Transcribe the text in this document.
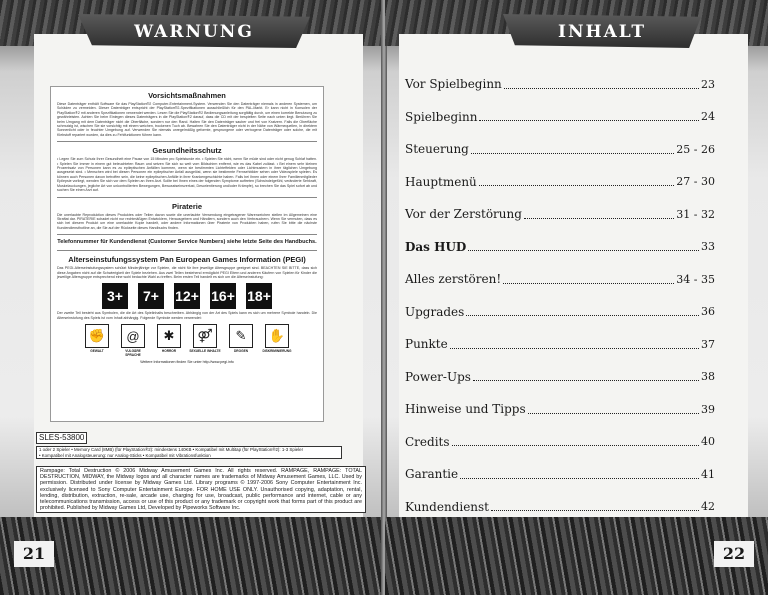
WARNUNG
21
INHALT
22

Vorsichtsmaßnahmen

Diese Datenträger enthält Software für das PlayStation®2 Computer-Entertainment-System. Verwenden Sie den Datenträger niemals in anderen Systemen, um Schäden zu vermeiden. Dieser Datenträger entspricht der PlayStation®2-Spezifikationen ausschließlich für den PAL-Markt. Er kann nicht in Konsolen der PlayStation®2 mit anderen Spezifikationen verwendet werden. Lesen Sie die PlayStation®2 Bedienungsanleitung sorgfältig durch, um einen korrekte Benutzung zu gewährleisten. Achten Sie beim Einlegen dieses Datenträgers in die PlayStation®2 darauf, dass die CD mit der bespielten Seite nach unten liegt. Berühren Sie beim Umgang mit dem Datenträger nicht die Oberfläche, sondern nur den Rand. Halten Sie den Datenträger sauber und frei von Kratzern. Falls die Oberfläche schmutzig ist, wischen Sie sie vorsichtig mit einem weichen, trockenen Tuch ab. Bewahren Sie den Datenträger nicht in der Nähe von Wärmequellen, in direktem Sonnenlicht oder in feuchter Umgebung auf. Verwenden Sie niemals unregelmäßig geformte, gesprungene oder verbogene Datenträger oder solche, die mit Klebstoff repariert wurden, da dies zu Fehlfunktionen führen kann.

Gesundheitsschutz

• Legen Sie zum Schutz Ihrer Gesundheit eine Pause von 15 Minuten pro Spielstunde ein. • Spielen Sie nicht, wenn Sie müde sind oder nicht genug Schlaf hatten. • Spielen Sie immer in einem gut beleuchteten Raum und setzen Sie sich so weit vom Bildschirm entfernt, wie es das Kabel zulässt. • Bei einem sehr kleinen Prozentsatz von Personen kann es zu epileptischen Anfällen kommen, wenn sie bestimmten Lichteffekten oder Lichtmustern in ihrer täglichen Umgebung ausgesetzt sind. • Menschen wird bei diesen Personen ein epileptischer Anfall ausgelöst, wenn sie bestimmte Fernsehbilder sehen oder Videospiele spielen. Es können auch Personen davon betroffen sein, die keine epileptischen Anfälle in ihrer Krankengeschichte haben. Falls bei Ihnen oder einem Ihrer Familienmitglieder Epilepsie vorliegt, wenden Sie sich vor dem Spielen an Ihren Arzt. Sollte bei Ihnen eines der folgenden Symptome auftreten (Schwindelgefühl, veränderte Sehkraft, Muskelzuckungen, jegliche Art von unkontrollierten Bewegungen, Bewusstseinsverlust, Desorientierung und/oder Krämpfe), so brechen Sie das Spiel sofort ab und suchen Sie einen Arzt auf.

Piraterie

Die unerlaubte Reproduktion dieses Produktes oder Teilen davon sowie die unerlaubte Verwendung eingetragener Warenzeichen stellen im Allgemeinen eine Straftat dar. PIRATERIE schadet nicht nur rechtmäßigen Entwicklern, Herausgebern und Händlern, sondern auch den Verbrauchern. Wenn Sie vermuten, dass es sich bei diesem Produkt um eine unerlaubte Kopie handelt, oder andere Informationen über Piraterie von Produkten haben, rufen Sie bitte die nächste Kundendiensthotline an, die Sie auf der Rückseite dieses Handbuchs finden.

Telefonnummer für Kundendienst (Customer Service Numbers) siehe letzte Seite des Handbuchs.

Alterseinstufungssystem Pan European Games Information (PEGI)

Das PEGI-Alterseinstufungssystem schützt Minderjährige vor Spielen, die nicht für ihre jeweilige Altersgruppe geeignet sind. BEACHTEN SIE BITTE, dass sich diese Angaben nicht auf die Schwierigkeit der Spiele beziehen. Aus zwei Teilen bestehend ermöglicht PEGI Eltern und anderen Käufern von Spielen für Kinder die jeweilige Altersgruppe entsprechend eine wohl bedachte Wahl zu treffen. Beim ersten Teil handelt es sich um die Alterseinstufung:

3+	7+	12+ 16+ 18+

Der zweite Teil besteht aus Symbolen, die die Art des Spielinhalts beschreiben. Abhängig von der Art des Spiels kann es sich um mehrere Symbole handeln. Die Alterseinstufung des Spiels ist vom Inhalt abhängig. Folgende Symbole werden verwendet:

✊
GEWALT
@
VULGÄRE SPRACHE
✱
HORROR
⚤
SEXUELLE INHALTE
✎
DROGEN
✋
DISKRIMINIERUNG
Weitere Informationen finden Sie unter http://www.pegi.info
SLES-53800
1 oder 2 Spieler • Memory Card (8MB) (für PlayStation®2): mindestens 140KB • Kompatibel mit Multitap (für PlayStation®2): 1-3 Spieler
• Kompatibel mit Analogsteuerung: nur Analog-Sticks • Kompatibel mit Vibrationsfunktion
Rampage: Total Destruction © 2006 Midway Amusement Games Inc. All rights reserved. RAMPAGE, RAMPAGE: TOTAL DESTRUCTION, MIDWAY, the Midway logos and all character names are trademarks of Midway Amusement Games, LLC. Used by permission. Distributed under license by Midway Games Ltd. Library programs © 1997-2006 Sony Computer Entertainment Inc. exclusively licensed to Sony Computer Entertainment Europe. FOR HOME USE ONLY. Unauthorised copying, adaptation, rental, lending, distribution, extraction, re-sale, arcade use, charging for use, broadcast, public performance and internet, cable or any telecommunications transmission, access or use of this product or any trademark or copyright work that forms part of this product are prohibited. Published by Midway Games Ltd, Developed by Pipeworks Software Inc.
Vor Spielbeginn	23
Spielbeginn	24
Steuerung	25 - 26
Hauptmenü	27 - 30
Vor der Zerstörung	31 - 32
Das HUD	33
Alles zerstören!	34 - 35
Upgrades	36
Punkte	37
Power-Ups	38
Hinweise und Tipps	39
Credits	40
Garantie	41
Kundendienst	42
